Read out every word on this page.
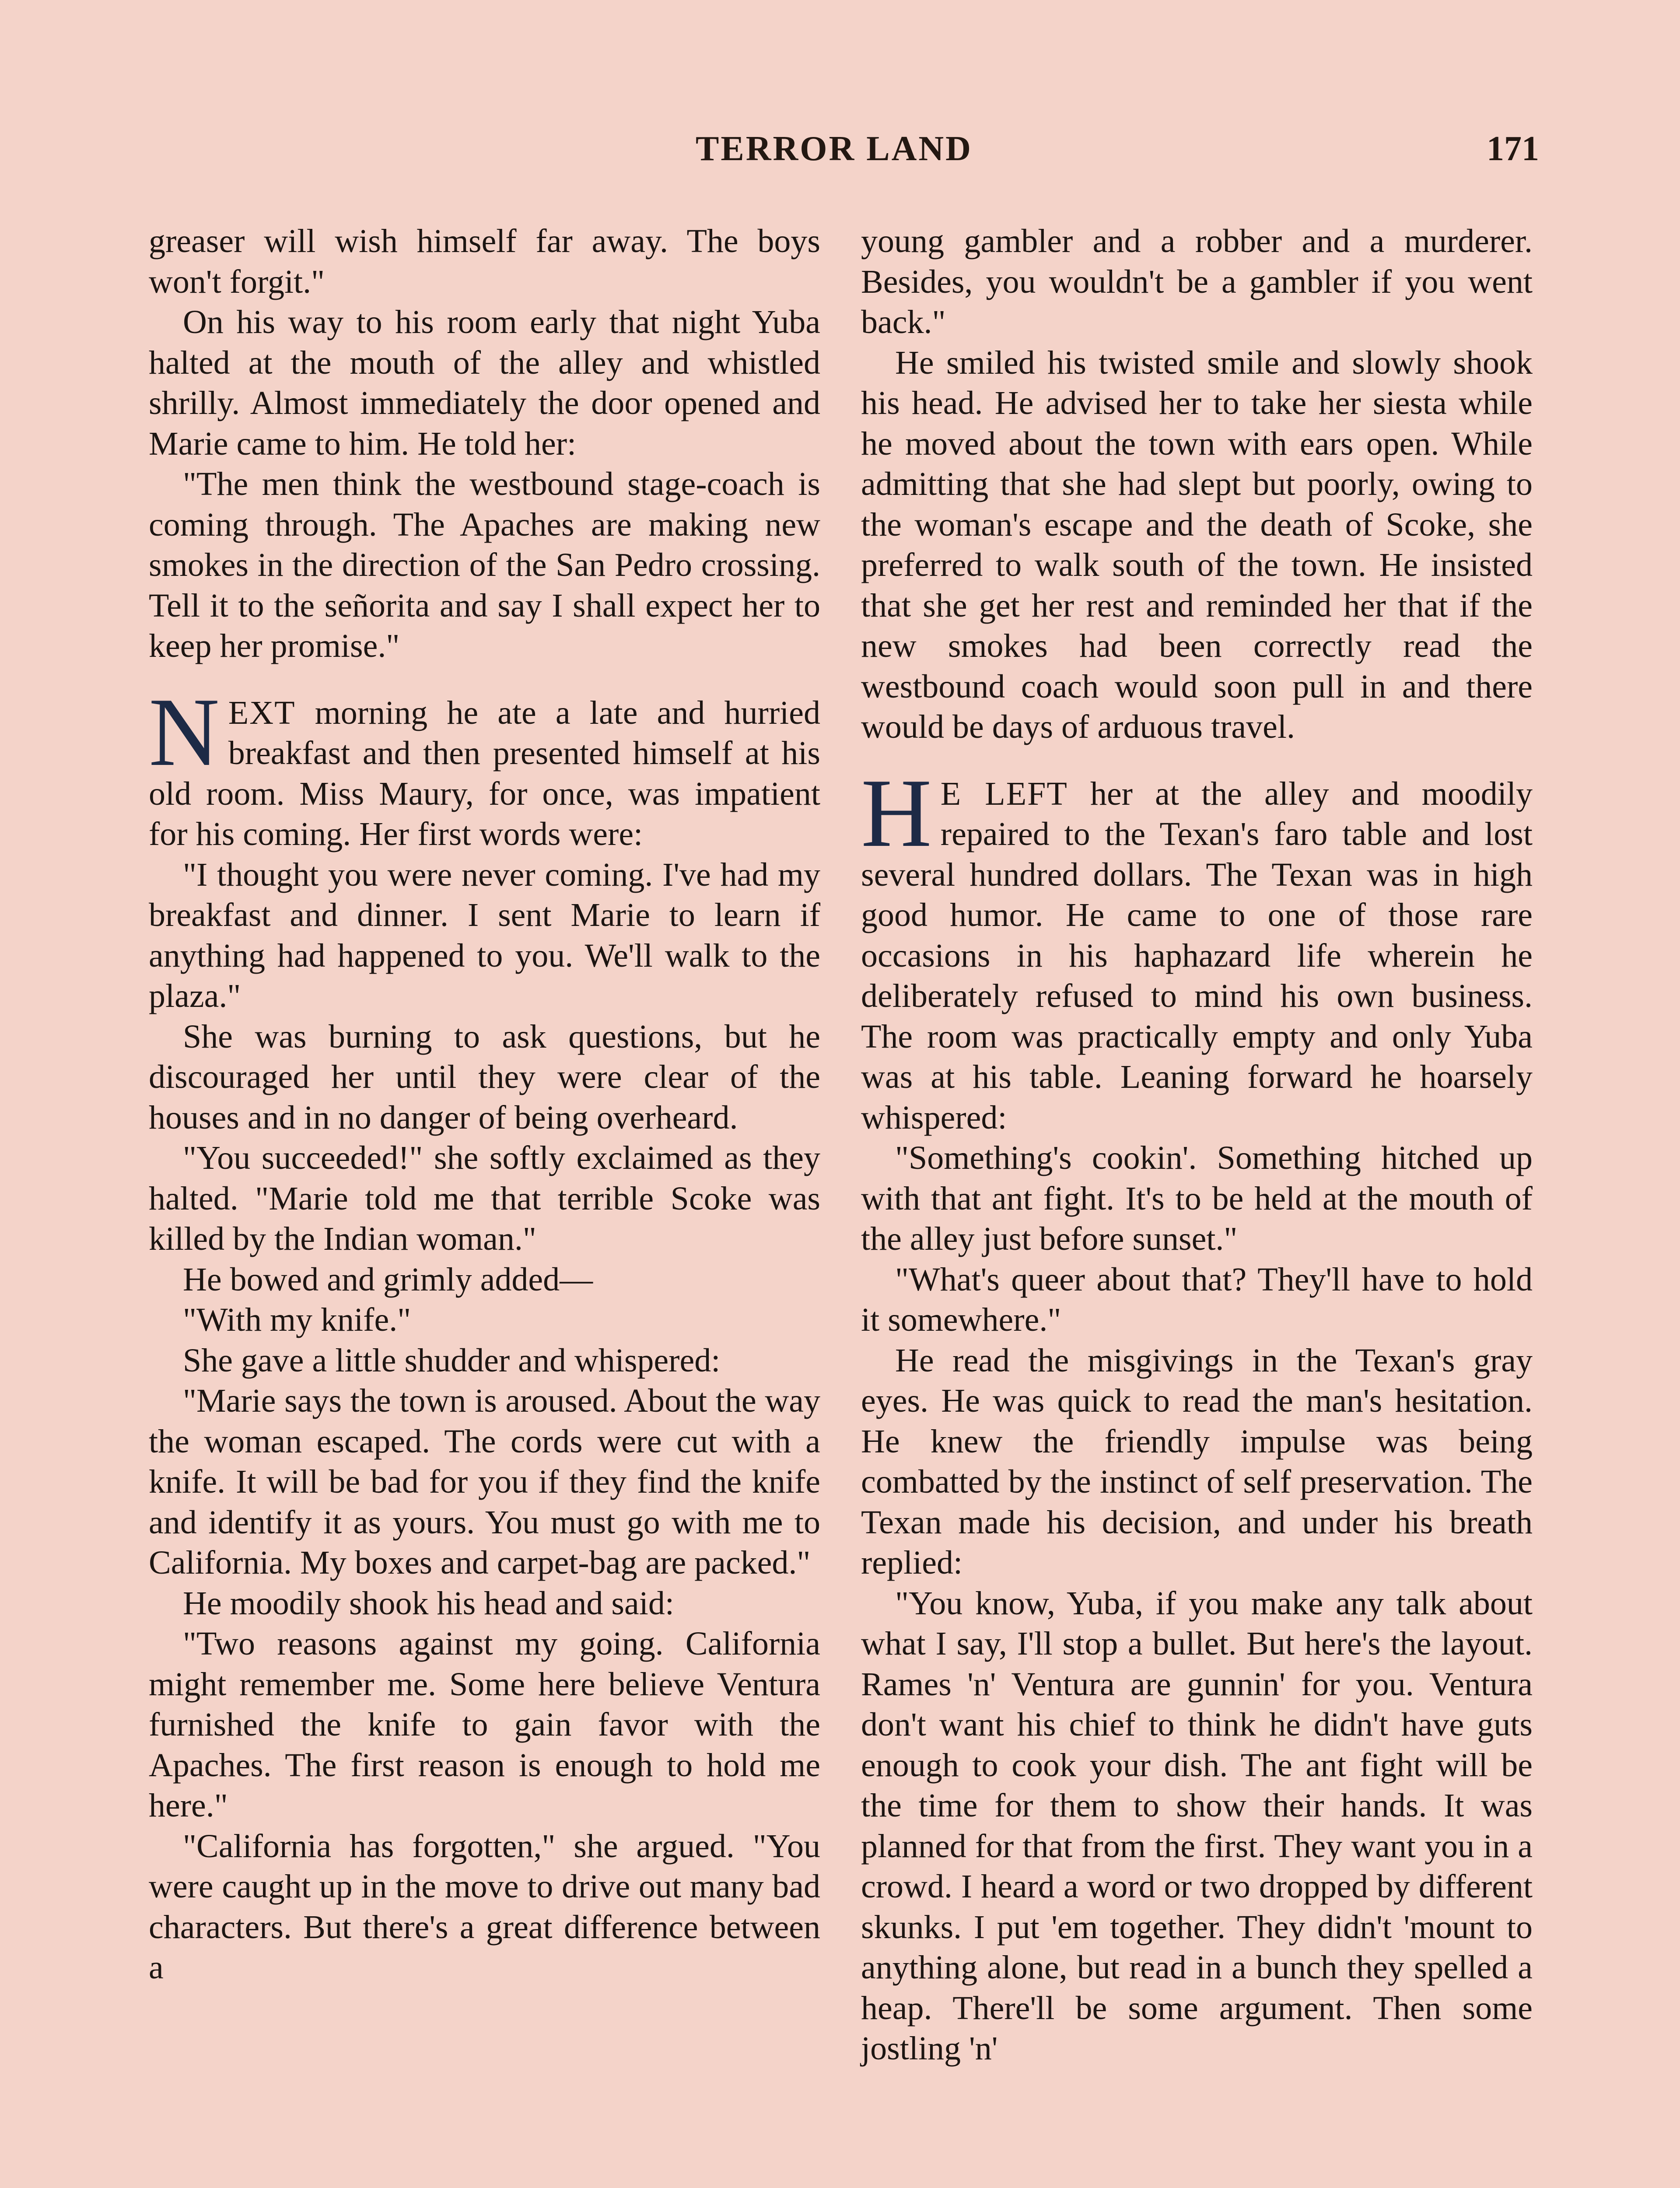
TERROR LAND	171

greaser will wish himself far away. The boys won't forgit."

On his way to his room early that night Yuba halted at the mouth of the alley and whistled shrilly. Almost immediately the door opened and Marie came to him. He told her:

"The men think the westbound stage-coach is coming through. The Apaches are making new smokes in the direction of the San Pedro crossing. Tell it to the señorita and say I shall expect her to keep her promise."

NEXT morning he ate a late and hurried breakfast and then presented himself at his old room. Miss Maury, for once, was impatient for his coming. Her first words were:

"I thought you were never coming. I've had my breakfast and dinner. I sent Marie to learn if anything had happened to you. We'll walk to the plaza."

She was burning to ask questions, but he discouraged her until they were clear of the houses and in no danger of being overheard.

"You succeeded!" she softly exclaimed as they halted. "Marie told me that terrible Scoke was killed by the Indian woman."

He bowed and grimly added—

"With my knife."

She gave a little shudder and whispered:

"Marie says the town is aroused. About the way the woman escaped. The cords were cut with a knife. It will be bad for you if they find the knife and identify it as yours. You must go with me to California. My boxes and carpet-bag are packed."

He moodily shook his head and said:

"Two reasons against my going. California might remember me. Some here believe Ventura furnished the knife to gain favor with the Apaches. The first reason is enough to hold me here."

"California has forgotten," she argued. "You were caught up in the move to drive out many bad characters. But there's a great difference between a

young gambler and a robber and a murderer. Besides, you wouldn't be a gambler if you went back."

He smiled his twisted smile and slowly shook his head. He advised her to take her siesta while he moved about the town with ears open. While admitting that she had slept but poorly, owing to the woman's escape and the death of Scoke, she preferred to walk south of the town. He insisted that she get her rest and reminded her that if the new smokes had been correctly read the westbound coach would soon pull in and there would be days of arduous travel.

H E LEFT her at the alley and moodily repaired to the Texan's faro table and lost several hundred dollars. The Texan was in high good humor. He came to one of those rare occasions in his haphazard life wherein he deliberately refused to mind his own business. The room was practically empty and only Yuba was at his table. Leaning forward he hoarsely whispered:

"Something's cookin'. Something hitched up with that ant fight. It's to be held at the mouth of the alley just before sunset."

"What's queer about that? They'll have to hold it somewhere."

He read the misgivings in the Texan's gray eyes. He was quick to read the man's hesitation. He knew the friendly impulse was being combatted by the instinct of self preservation. The Texan made his decision, and under his breath replied:

"You know, Yuba, if you make any talk about what I say, I'll stop a bullet. But here's the layout. Rames 'n' Ventura are gunnin' for you. Ventura don't want his chief to think he didn't have guts enough to cook your dish. The ant fight will be the time for them to show their hands. It was planned for that from the first. They want you in a crowd. I heard a word or two dropped by different skunks. I put 'em together. They didn't 'mount to anything alone, but read in a bunch they spelled a heap. There'll be some argument. Then some jostling 'n'
